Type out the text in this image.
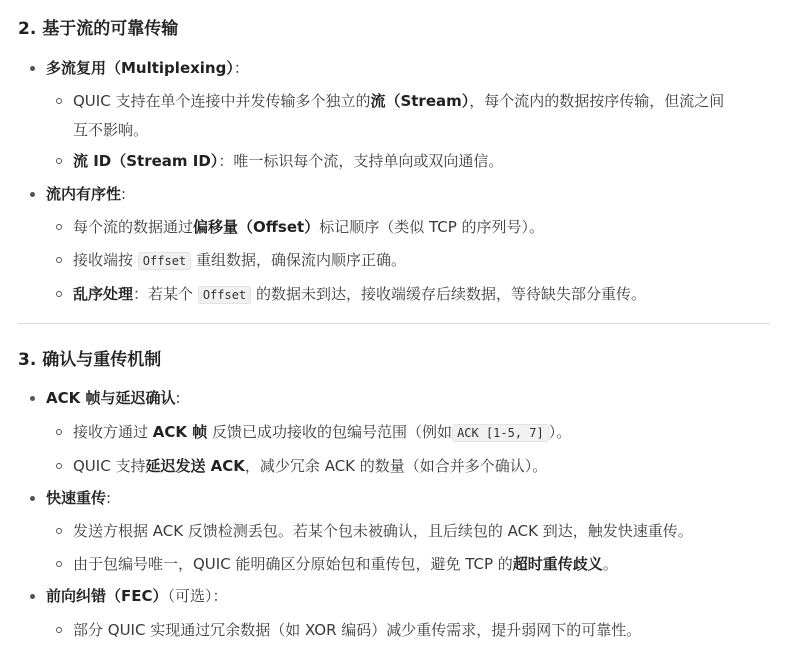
2. 基于流的可靠传输
多流复用（Multiplexing）：
QUIC 支持在单个连接中并发传输多个独立的流（Stream），每个流内的数据按序传输，但流之间
互不影响。
流 ID（Stream ID）：唯一标识每个流，支持单向或双向通信。
流内有序性:
每个流的数据通过偏移量（Offset）标记顺序（类似 TCP 的序列号）。
接收端按 Offset 重组数据，确保流内顺序正确。
乱序处理：若某个 Offset 的数据未到达，接收端缓存后续数据，等待缺失部分重传。
3. 确认与重传机制
ACK 帧与延迟确认:
接收方通过 ACK 帧 反馈已成功接收的包编号范围（例如 ACK [1-5, 7] ）。
QUIC 支持延迟发送 ACK，减少冗余 ACK 的数量（如合并多个确认）。
快速重传:
发送方根据 ACK 反馈检测丢包。若某个包未被确认，且后续包的 ACK 到达，触发快速重传。
由于包编号唯一，QUIC 能明确区分原始包和重传包，避免 TCP 的超时重传歧义。
前向纠错（FEC）（可选）：
部分 QUIC 实现通过冗余数据（如 XOR 编码）减少重传需求，提升弱网下的可靠性。
